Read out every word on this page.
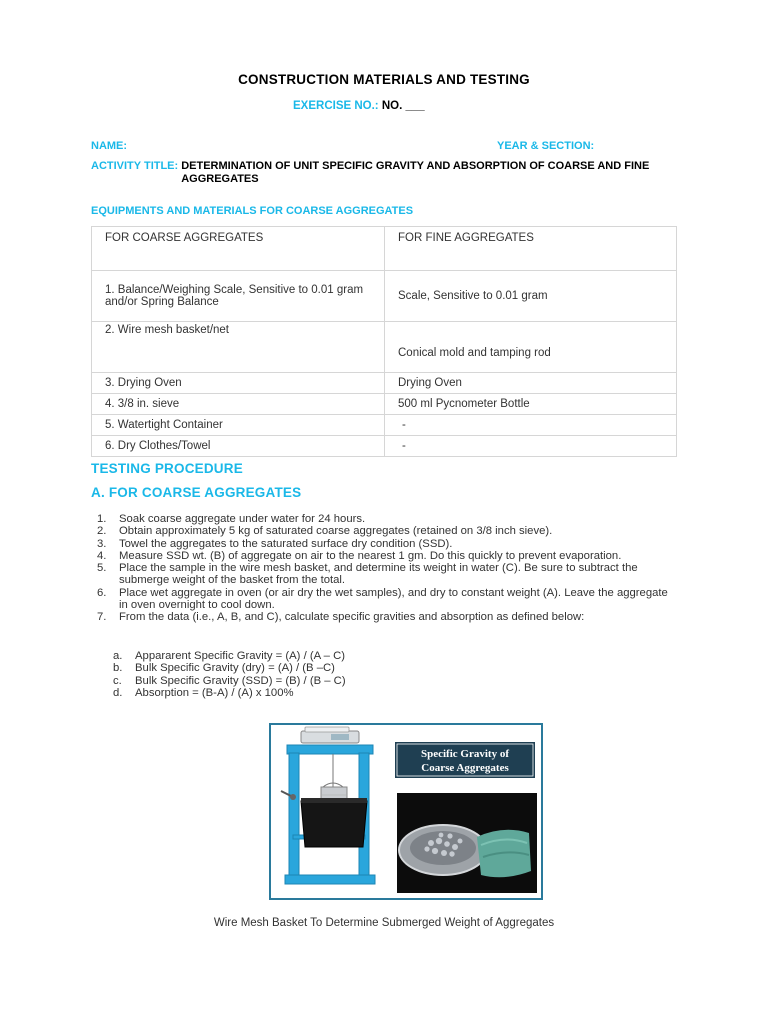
CONSTRUCTION MATERIALS AND TESTING
EXERCISE NO.: NO. ___
NAME:	YEAR & SECTION:
ACTIVITY TITLE: DETERMINATION OF UNIT SPECIFIC GRAVITY AND ABSORPTION OF COARSE AND FINE AGGREGATES
EQUIPMENTS AND MATERIALS FOR COARSE AGGREGATES
FOR COARSE AGGREGATES	FOR FINE AGGREGATES
1. Balance/Weighing Scale, Sensitive to 0.01 gram and/or Spring Balance	Scale, Sensitive to 0.01 gram
2. Wire mesh basket/net	Conical mold and tamping rod
3. Drying Oven	Drying Oven
4. 3/8 in. sieve	500 ml Pycnometer Bottle
5. Watertight Container	-
6. Dry Clothes/Towel	-
TESTING PROCEDURE
A. FOR COARSE AGGREGATES
1. Soak coarse aggregate under water for 24 hours.
2. Obtain approximately 5 kg of saturated coarse aggregates (retained on 3/8 inch sieve).
3. Towel the aggregates to the saturated surface dry condition (SSD).
4. Measure SSD wt. (B) of aggregate on air to the nearest 1 gm. Do this quickly to prevent evaporation.
5. Place the sample in the wire mesh basket, and determine its weight in water (C). Be sure to subtract the submerge weight of the basket from the total.
6. Place wet aggregate in oven (or air dry the wet samples), and dry to constant weight (A). Leave the aggregate in oven overnight to cool down.
7. From the data (i.e., A, B, and C), calculate specific gravities and absorption as defined below:
a. Appararent Specific Gravity = (A) / (A – C)
b. Bulk Specific Gravity (dry) = (A) / (B –C)
c. Bulk Specific Gravity (SSD) = (B) / (B – C)
d. Absorption = (B-A) / (A) x 100%
Specific Gravity of
Coarse Aggregates
Wire Mesh Basket To Determine Submerged Weight of Aggregates
